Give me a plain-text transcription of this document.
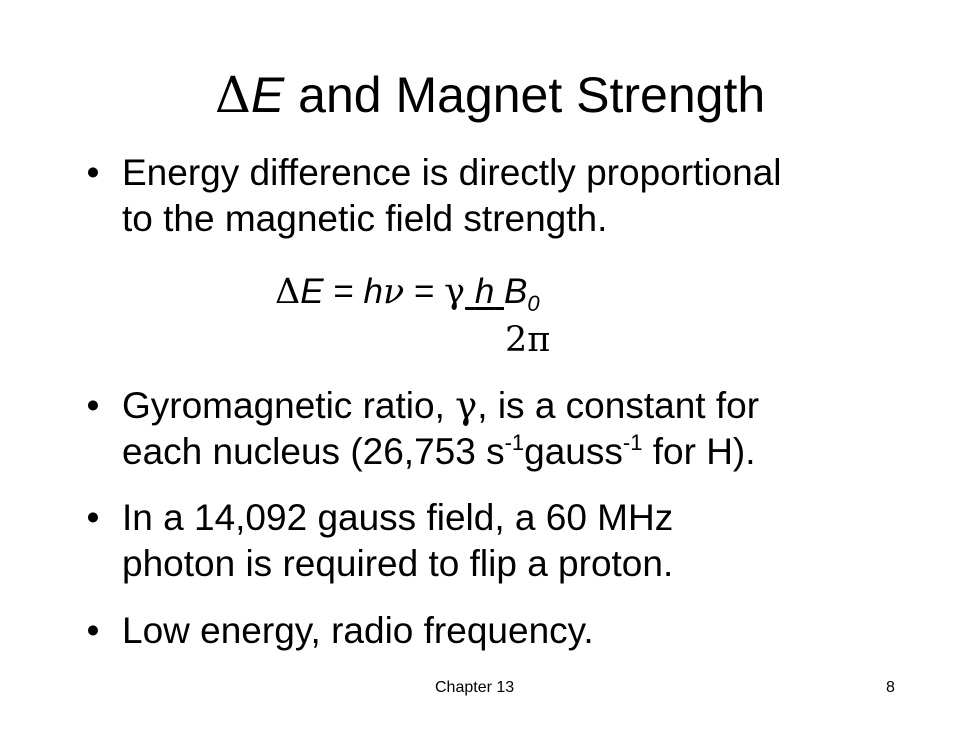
ΔE and Magnet Strength
• Energy difference is directly proportional
to the magnetic field strength.
ΔE = hν = γ h $B_0$
2π
• Gyromagnetic ratio, γ, is a constant for
each nucleus (26,753 $s^{-1}gauss^{-1}$ for H).
• In a 14,092 gauss field, a 60 MHz
photon is required to flip a proton.
• Low energy, radio frequency.
Chapter 13	8
